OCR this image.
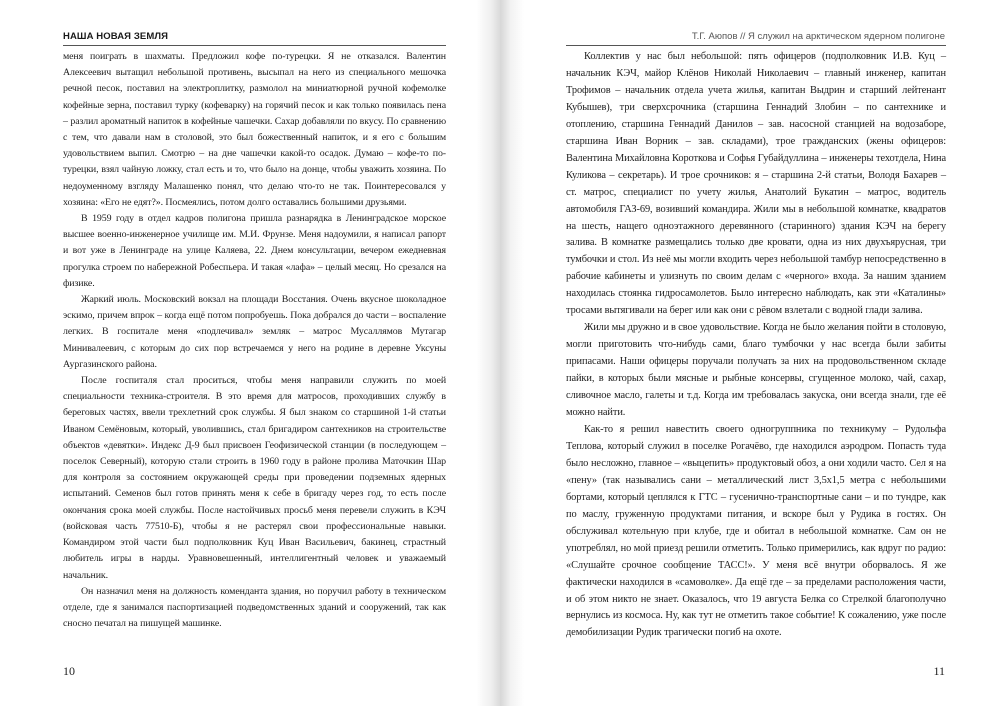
НАША НОВАЯ ЗЕМЛЯ

меня поиграть в шахматы. Предложил кофе по-турецки. Я не отказался. Валентин Алексеевич вытащил небольшой противень, высыпал на него из специального мешочка речной песок, поставил на электроплитку, размолол на миниатюрной ручной кофемолке кофейные зерна, поставил турку (кофеварку) на горячий песок и как только появилась пена – разлил ароматный напиток в кофейные чашечки. Сахар добавляли по вкусу. По сравнению с тем, что давали нам в столовой, это был божественный напиток, и я его с большим удовольствием выпил. Смотрю – на дне чашечки какой-то осадок. Думаю – кофе-то по-турецки, взял чайную ложку, стал есть и то, что было на донце, чтобы уважить хозяина. По недоуменному взгляду Малашенко понял, что делаю что-то не так. Поинтересовался у хозяина: «Его не едят?». Посмеялись, потом долго оставались большими друзьями.

В 1959 году в отдел кадров полигона пришла разнарядка в Ленинградское морское высшее военно-инженерное училище им. М.И. Фрунзе. Меня надоумили, я написал рапорт и вот уже в Ленинграде на улице Каляева, 22. Днем консультации, вечером ежедневная прогулка строем по набережной Робеспьера. И такая «лафа» – целый месяц. Но срезался на физике.

Жаркий июль. Московский вокзал на площади Восстания. Очень вкусное шоколадное эскимо, причем впрок – когда ещё потом попробуешь. Пока добрался до части – воспаление легких. В госпитале меня «подлечивал» земляк – матрос Мусаллямов Мутагар Минивалеевич, с которым до сих пор встречаемся у него на родине в деревне Уксуны Аургазинского района.

После госпиталя стал проситься, чтобы меня направили служить по моей специальности техника-строителя. В это время для матросов, проходивших службу в береговых частях, ввели трехлетний срок службы. Я был знаком со старшиной 1-й статьи Иваном Семёновым, который, уволившись, стал бригадиром сантехников на строительстве объектов «девятки». Индекс Д-9 был присвоен Геофизической станции (в последующем – поселок Северный), которую стали строить в 1960 году в районе пролива Маточкин Шар для контроля за состоянием окружающей среды при проведении подземных ядерных испытаний. Семенов был готов принять меня к себе в бригаду через год, то есть после окончания срока моей службы. После настойчивых просьб меня перевели служить в КЭЧ (войсковая часть 77510-Б), чтобы я не растерял свои профессиональные навыки. Командиром этой части был подполковник Куц Иван Васильевич, бакинец, страстный любитель игры в нарды. Уравновешенный, интеллигентный человек и уважаемый начальник.

Он назначил меня на должность коменданта здания, но поручил работу в техническом отделе, где я занимался паспортизацией подведомственных зданий и сооружений, так как сносно печатал на пишущей машинке.

10
Т.Г. Аюпов // Я служил на арктическом ядерном полигоне

Коллектив у нас был небольшой: пять офицеров (подполковник И.В. Куц – начальник КЭЧ, майор Клёнов Николай Николаевич – главный инженер, капитан Трофимов – начальник отдела учета жилья, капитан Выдрин и старший лейтенант Кубышев), три сверхсрочника (старшина Геннадий Злобин – по сантехнике и отоплению, старшина Геннадий Данилов – зав. насосной станцией на водозаборе, старшина Иван Ворник – зав. складами), трое гражданских (жены офицеров: Валентина Михайловна Короткова и Софья Губайдуллина – инженеры техотдела, Нина Куликова – секретарь). И трое срочников: я – старшина 2-й статьи, Володя Бахарев – ст. матрос, специалист по учету жилья, Анатолий Букатин – матрос, водитель автомобиля ГАЗ-69, возивший командира. Жили мы в небольшой комнатке, квадратов на шесть, нащего одноэтажного деревянного (старинного) здания КЭЧ на берегу залива. В комнатке размещались только две кровати, одна из них двухъярусная, три тумбочки и стол. Из неё мы могли входить через небольшой тамбур непосредственно в рабочие кабинеты и улизнуть по своим делам с «черного» входа. За нашим зданием находилась стоянка гидросамолетов. Было интересно наблюдать, как эти «Каталины» тросами вытягивали на берег или как они с рёвом взлетали с водной глади залива.

Жили мы дружно и в свое удовольствие. Когда не было желания пойти в столовую, могли приготовить что-нибудь сами, благо тумбочки у нас всегда были забиты припасами. Наши офицеры поручали получать за них на продовольственном складе пайки, в которых были мясные и рыбные консервы, сгущенное молоко, чай, сахар, сливочное масло, галеты и т.д. Когда им требовалась закуска, они всегда знали, где её можно найти.

Как-то я решил навестить своего одногруппника по техникуму – Рудольфа Теплова, который служил в поселке Рогачёво, где находился аэродром. Попасть туда было несложно, главное – «выцепить» продуктовый обоз, а они ходили часто. Сел я на «пену» (так назывались сани – металлический лист 3,5х1,5 метра с небольшими бортами, который цеплялся к ГТС – гусенично-транспортные сани – и по тундре, как по маслу, груженную продуктами питания, и вскоре был у Рудика в гостях. Он обслуживал котельную при клубе, где и обитал в небольшой комнатке. Сам он не употреблял, но мой приезд решили отметить. Только примерились, как вдруг по радио: «Слушайте срочное сообщение ТАСС!». У меня всё внутри оборвалось. Я же фактически находился в «самоволке». Да ещё где – за пределами расположения части, и об этом никто не знает. Оказалось, что 19 августа Белка со Стрелкой благополучно вернулись из космоса. Ну, как тут не отметить такое событие! К сожалению, уже после демобилизации Рудик трагически погиб на охоте.

11
